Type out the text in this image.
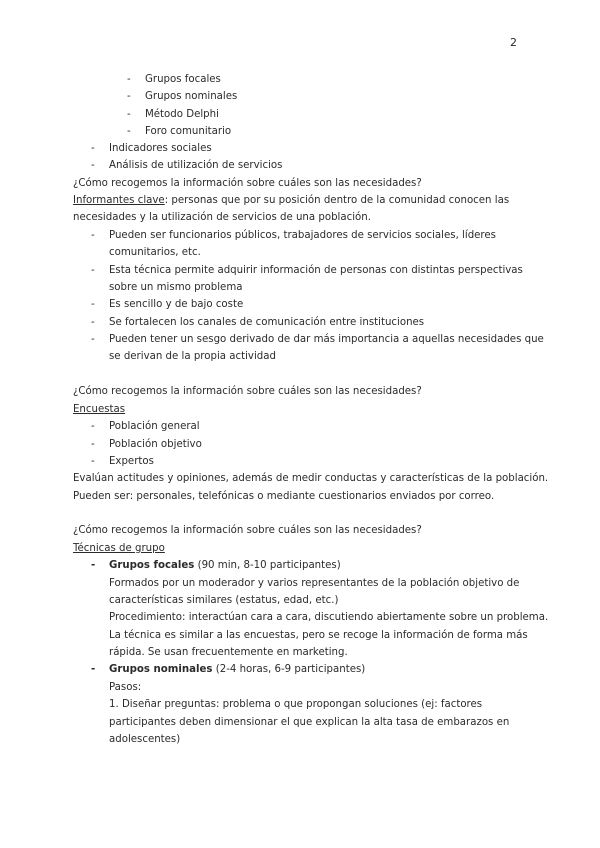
2
- Grupos focales
- Grupos nominales
- Método Delphi
- Foro comunitario
- Indicadores sociales
- Análisis de utilización de servicios
¿Cómo recogemos la información sobre cuáles son las necesidades?
Informantes clave: personas que por su posición dentro de la comunidad conocen las
necesidades y la utilización de servicios de una población.
- Pueden ser funcionarios públicos, trabajadores de servicios sociales, líderes
comunitarios, etc.
- Esta técnica permite adquirir información de personas con distintas perspectivas
sobre un mismo problema
- Es sencillo y de bajo coste
- Se fortalecen los canales de comunicación entre instituciones
- Pueden tener un sesgo derivado de dar más importancia a aquellas necesidades que
se derivan de la propia actividad
¿Cómo recogemos la información sobre cuáles son las necesidades?
Encuestas
- Población general
- Población objetivo
- Expertos
Evalúan actitudes y opiniones, además de medir conductas y características de la población.
Pueden ser: personales, telefónicas o mediante cuestionarios enviados por correo.
¿Cómo recogemos la información sobre cuáles son las necesidades?
Técnicas de grupo
- Grupos focales (90 min, 8-10 participantes)
Formados por un moderador y varios representantes de la población objetivo de
características similares (estatus, edad, etc.)
Procedimiento: interactúan cara a cara, discutiendo abiertamente sobre un problema.
La técnica es similar a las encuestas, pero se recoge la información de forma más
rápida. Se usan frecuentemente en marketing.
- Grupos nominales (2-4 horas, 6-9 participantes)
Pasos:
1. Diseñar preguntas: problema o que propongan soluciones (ej: factores
participantes deben dimensionar el que explican la alta tasa de embarazos en
adolescentes)
